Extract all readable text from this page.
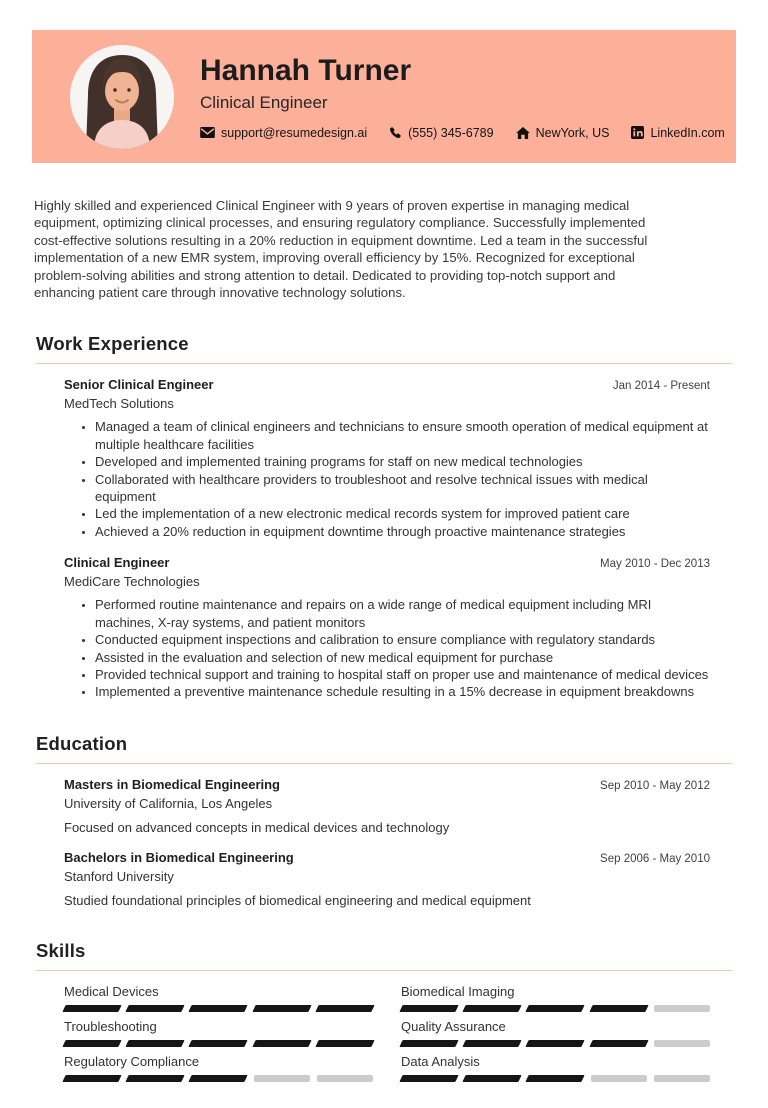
Hannah Turner
Clinical Engineer
support@resumedesign.ai	(555) 345-6789	NewYork, US	LinkedIn.com

Highly skilled and experienced Clinical Engineer with 9 years of proven expertise in managing medical equipment, optimizing clinical processes, and ensuring regulatory compliance. Successfully implemented cost-effective solutions resulting in a 20% reduction in equipment downtime. Led a team in the successful implementation of a new EMR system, improving overall efficiency by 15%. Recognized for exceptional problem-solving abilities and strong attention to detail. Dedicated to providing top-notch support and enhancing patient care through innovative technology solutions.

Work Experience
Senior Clinical Engineer	Jan 2014 - Present
MedTech Solutions
• Managed a team of clinical engineers and technicians to ensure smooth operation of medical equipment at multiple healthcare facilities
• Developed and implemented training programs for staff on new medical technologies
• Collaborated with healthcare providers to troubleshoot and resolve technical issues with medical equipment
• Led the implementation of a new electronic medical records system for improved patient care
• Achieved a 20% reduction in equipment downtime through proactive maintenance strategies
Clinical Engineer	May 2010 - Dec 2013
MediCare Technologies
• Performed routine maintenance and repairs on a wide range of medical equipment including MRI machines, X-ray systems, and patient monitors
• Conducted equipment inspections and calibration to ensure compliance with regulatory standards
• Assisted in the evaluation and selection of new medical equipment for purchase
• Provided technical support and training to hospital staff on proper use and maintenance of medical devices
• Implemented a preventive maintenance schedule resulting in a 15% decrease in equipment breakdowns
Education
Masters in Biomedical Engineering	Sep 2010 - May 2012
University of California, Los Angeles
Focused on advanced concepts in medical devices and technology
Bachelors in Biomedical Engineering	Sep 2006 - May 2010
Stanford University
Studied foundational principles of biomedical engineering and medical equipment
Skills
Medical Devices	Biomedical Imaging
Troubleshooting	Quality Assurance
Regulatory Compliance	Data Analysis
